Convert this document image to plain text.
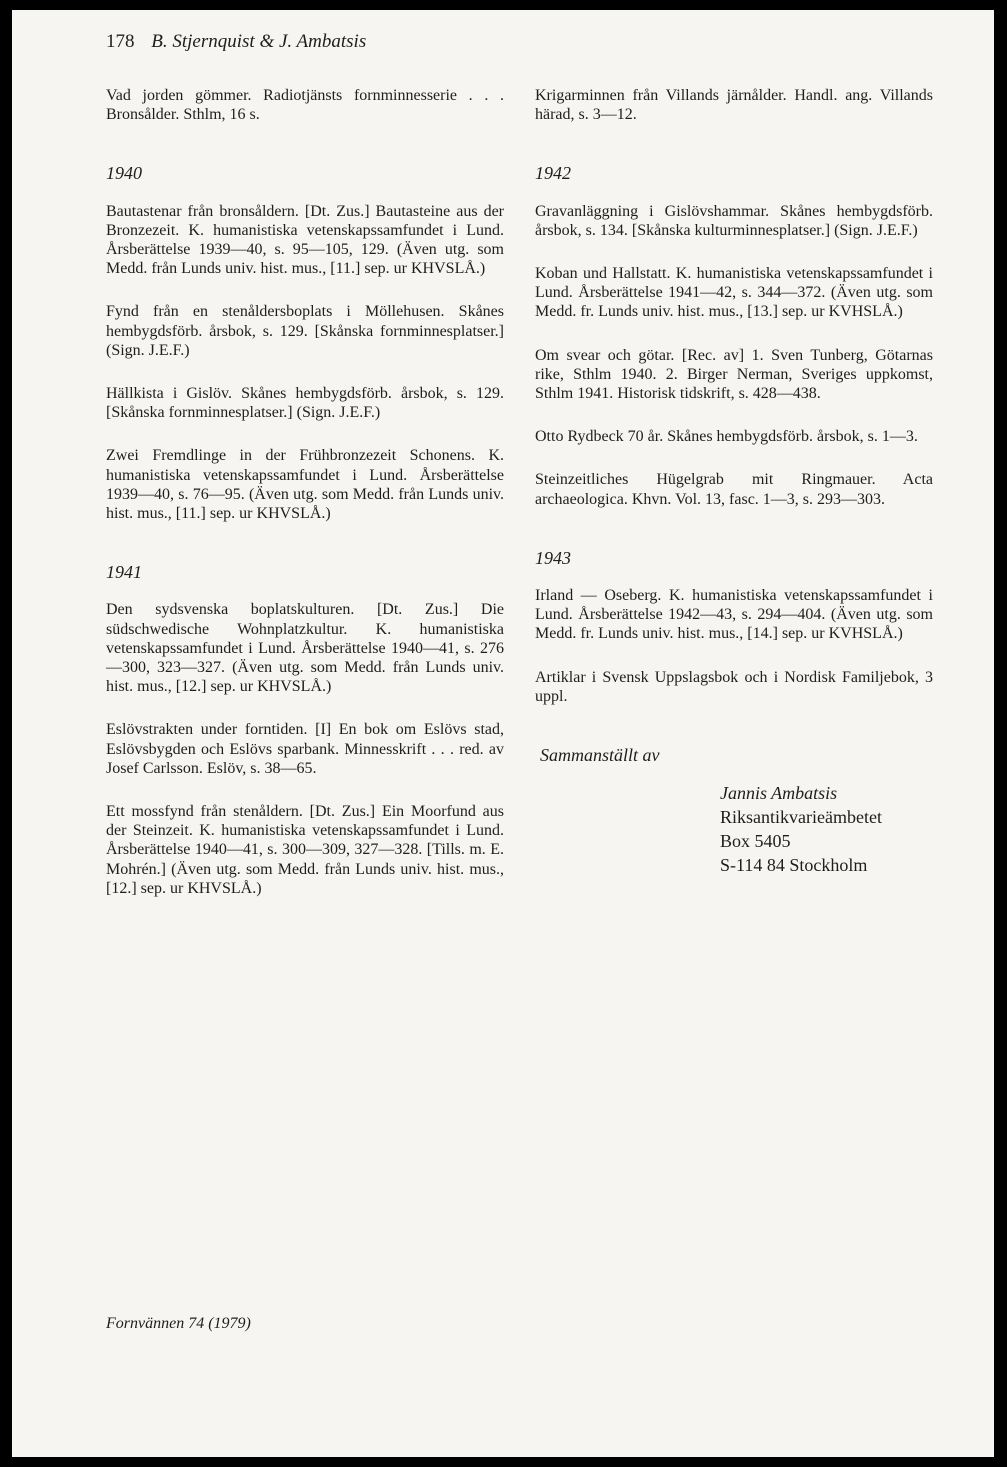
178 B. Stjernquist & J. Ambatsis
Vad jorden gömmer. Radiotjänsts fornminnesserie . . . Bronsålder. Sthlm, 16 s.
1940
Bautastenar från bronsåldern. [Dt. Zus.] Bautasteine aus der Bronzezeit. K. humanistiska vetenskapssamfundet i Lund. Årsberättelse 1939—40, s. 95—105, 129. (Även utg. som Medd. från Lunds univ. hist. mus., [11.] sep. ur KHVSLÅ.)
Fynd från en stenåldersboplats i Möllehusen. Skånes hembygdsförb. årsbok, s. 129. [Skånska fornminnesplatser.] (Sign. J.E.F.)
Hällkista i Gislöv. Skånes hembygdsförb. årsbok, s. 129. [Skånska fornminnesplatser.] (Sign. J.E.F.)
Zwei Fremdlinge in der Frühbronzezeit Schonens. K. humanistiska vetenskapssamfundet i Lund. Årsberättelse 1939—40, s. 76—95. (Även utg. som Medd. från Lunds univ. hist. mus., [11.] sep. ur KHVSLÅ.)
1941
Den sydsvenska boplatskulturen. [Dt. Zus.] Die südschwedische Wohnplatzkultur. K. humanistiska vetenskapssamfundet i Lund. Årsberättelse 1940—41, s. 276—300, 323—327. (Även utg. som Medd. från Lunds univ. hist. mus., [12.] sep. ur KHVSLÅ.)
Eslövstrakten under forntiden. [I] En bok om Eslövs stad, Eslövsbygden och Eslövs sparbank. Minnesskrift . . . red. av Josef Carlsson. Eslöv, s. 38—65.
Ett mossfynd från stenåldern. [Dt. Zus.] Ein Moorfund aus der Steinzeit. K. humanistiska vetenskapssamfundet i Lund. Årsberättelse 1940—41, s. 300—309, 327—328. [Tills. m. E. Mohrén.] (Även utg. som Medd. från Lunds univ. hist. mus., [12.] sep. ur KHVSLÅ.)
Krigarminnen från Villands järnålder. Handl. ang. Villands härad, s. 3—12.
1942
Gravanläggning i Gislövshammar. Skånes hembygdsförb. årsbok, s. 134. [Skånska kulturminnesplatser.] (Sign. J.E.F.)
Koban und Hallstatt. K. humanistiska vetenskapssamfundet i Lund. Årsberättelse 1941—42, s. 344—372. (Även utg. som Medd. fr. Lunds univ. hist. mus., [13.] sep. ur KVHSLÅ.)
Om svear och götar. [Rec. av] 1. Sven Tunberg, Götarnas rike, Sthlm 1940. 2. Birger Nerman, Sveriges uppkomst, Sthlm 1941. Historisk tidskrift, s. 428—438.
Otto Rydbeck 70 år. Skånes hembygdsförb. årsbok, s. 1—3.
Steinzeitliches Hügelgrab mit Ringmauer. Acta archaeologica. Khvn. Vol. 13, fasc. 1—3, s. 293—303.
1943
Irland — Oseberg. K. humanistiska vetenskapssamfundet i Lund. Årsberättelse 1942—43, s. 294—404. (Även utg. som Medd. fr. Lunds univ. hist. mus., [14.] sep. ur KVHSLÅ.)
Artiklar i Svensk Uppslagsbok och i Nordisk Familjebok, 3 uppl.
Sammanställt av
Jannis Ambatsis
Riksantikvarieämbetet
Box 5405
S-114 84 Stockholm
Fornvännen 74 (1979)
